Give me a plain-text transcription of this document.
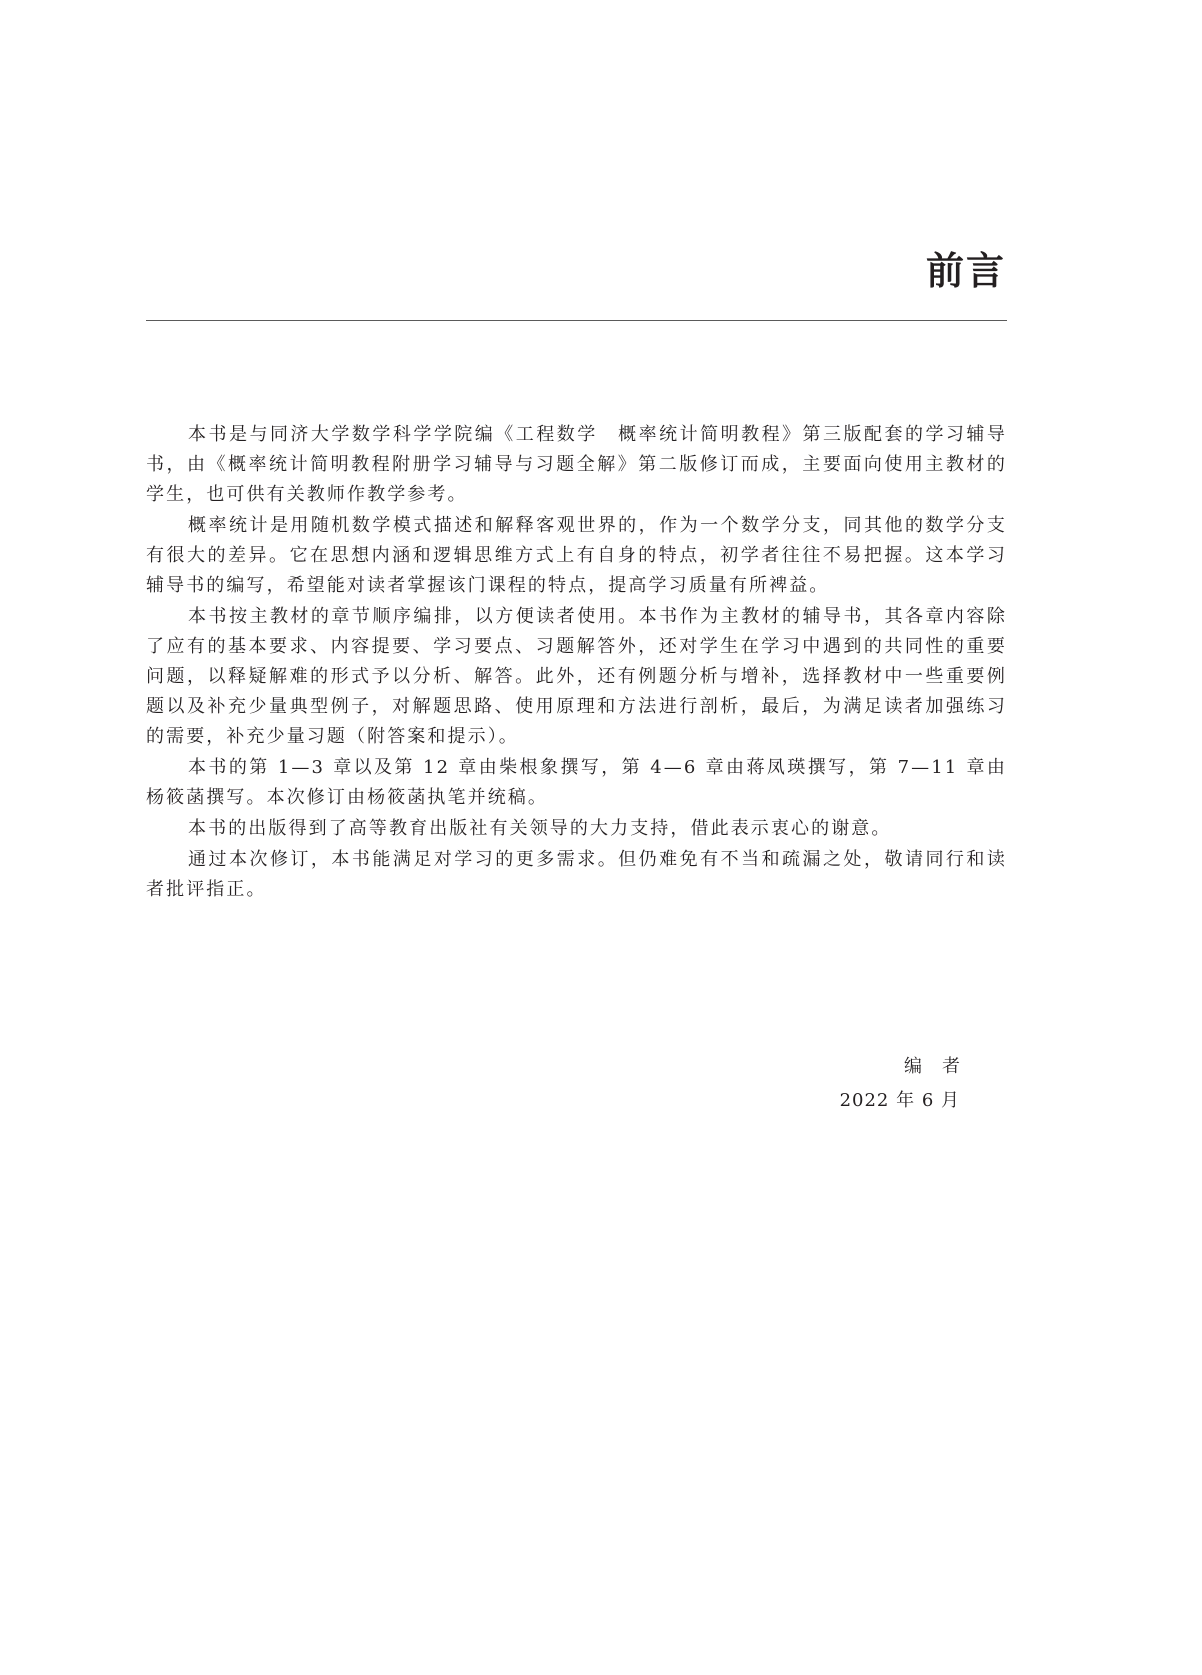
前言

本书是与同济大学数学科学学院编《工程数学　概率统计简明教程》第三版配套的学习辅导书，由《概率统计简明教程附册学习辅导与习题全解》第二版修订而成，主要面向使用主教材的学生，也可供有关教师作教学参考。

概率统计是用随机数学模式描述和解释客观世界的，作为一个数学分支，同其他的数学分支有很大的差异。它在思想内涵和逻辑思维方式上有自身的特点，初学者往往不易把握。这本学习辅导书的编写，希望能对读者掌握该门课程的特点，提高学习质量有所裨益。

本书按主教材的章节顺序编排，以方便读者使用。本书作为主教材的辅导书，其各章内容除了应有的基本要求、内容提要、学习要点、习题解答外，还对学生在学习中遇到的共同性的重要问题，以释疑解难的形式予以分析、解答。此外，还有例题分析与增补，选择教材中一些重要例题以及补充少量典型例子，对解题思路、使用原理和方法进行剖析，最后，为满足读者加强练习的需要，补充少量习题（附答案和提示）。

本书的第 1—3 章以及第 12 章由柴根象撰写，第 4—6 章由蒋凤瑛撰写，第 7—11 章由杨筱菡撰写。本次修订由杨筱菡执笔并统稿。

本书的出版得到了高等教育出版社有关领导的大力支持，借此表示衷心的谢意。

通过本次修订，本书能满足对学习的更多需求。但仍难免有不当和疏漏之处，敬请同行和读者批评指正。

编者
2022 年 6 月
